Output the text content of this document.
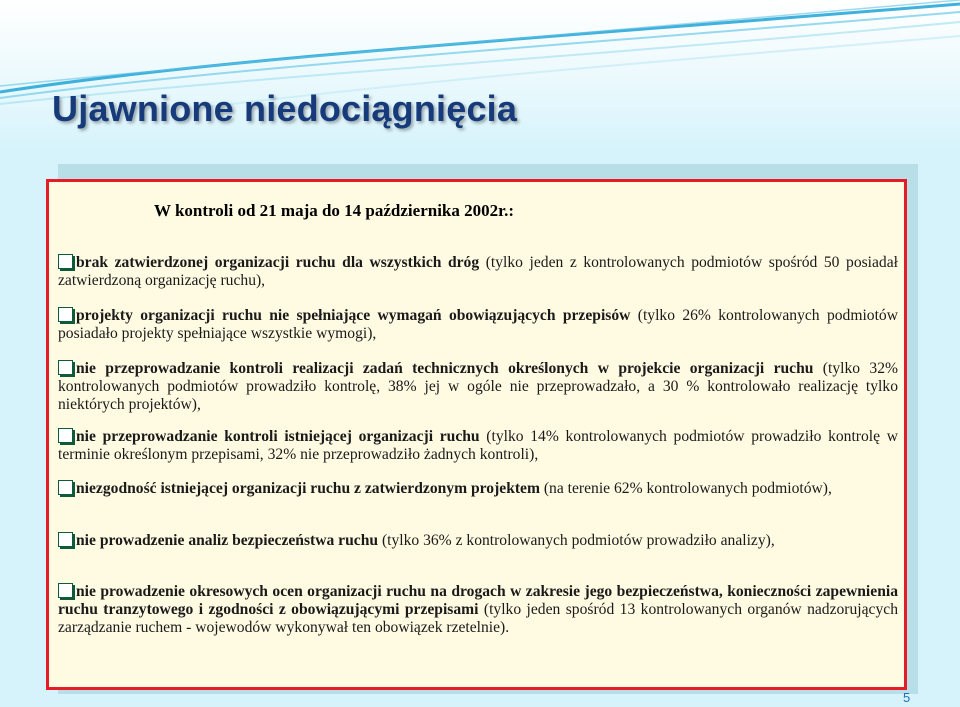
Ujawnione niedociągnięcia

W kontroli od 21 maja do 14 października 2002r.:

brak zatwierdzonej organizacji ruchu dla wszystkich dróg (tylko jeden z kontrolowanych podmiotów spośród 50 posiadał zatwierdzoną organizację ruchu),

projekty organizacji ruchu nie spełniające wymagań obowiązujących przepisów (tylko 26% kontrolowanych podmiotów posiadało projekty spełniające wszystkie wymogi),

nie przeprowadzanie kontroli realizacji zadań technicznych określonych w projekcie organizacji ruchu (tylko 32% kontrolowanych podmiotów prowadziło kontrolę, 38% jej w ogóle nie przeprowadzało, a 30 % kontrolowało realizację tylko niektórych projektów),

nie przeprowadzanie kontroli istniejącej organizacji ruchu (tylko 14% kontrolowanych podmiotów prowadziło kontrolę w terminie określonym przepisami, 32% nie przeprowadziło żadnych kontroli),

niezgodność istniejącej organizacji ruchu z zatwierdzonym projektem (na terenie 62% kontrolowanych podmiotów),

nie prowadzenie analiz bezpieczeństwa ruchu (tylko 36% z kontrolowanych podmiotów prowadziło analizy),

nie prowadzenie okresowych ocen organizacji ruchu na drogach w zakresie jego bezpieczeństwa, konieczności zapewnienia ruchu tranzytowego i zgodności z obowiązującymi przepisami (tylko jeden spośród 13 kontrolowanych organów nadzorujących zarządzanie ruchem - wojewodów wykonywał ten obowiązek rzetelnie).

5
